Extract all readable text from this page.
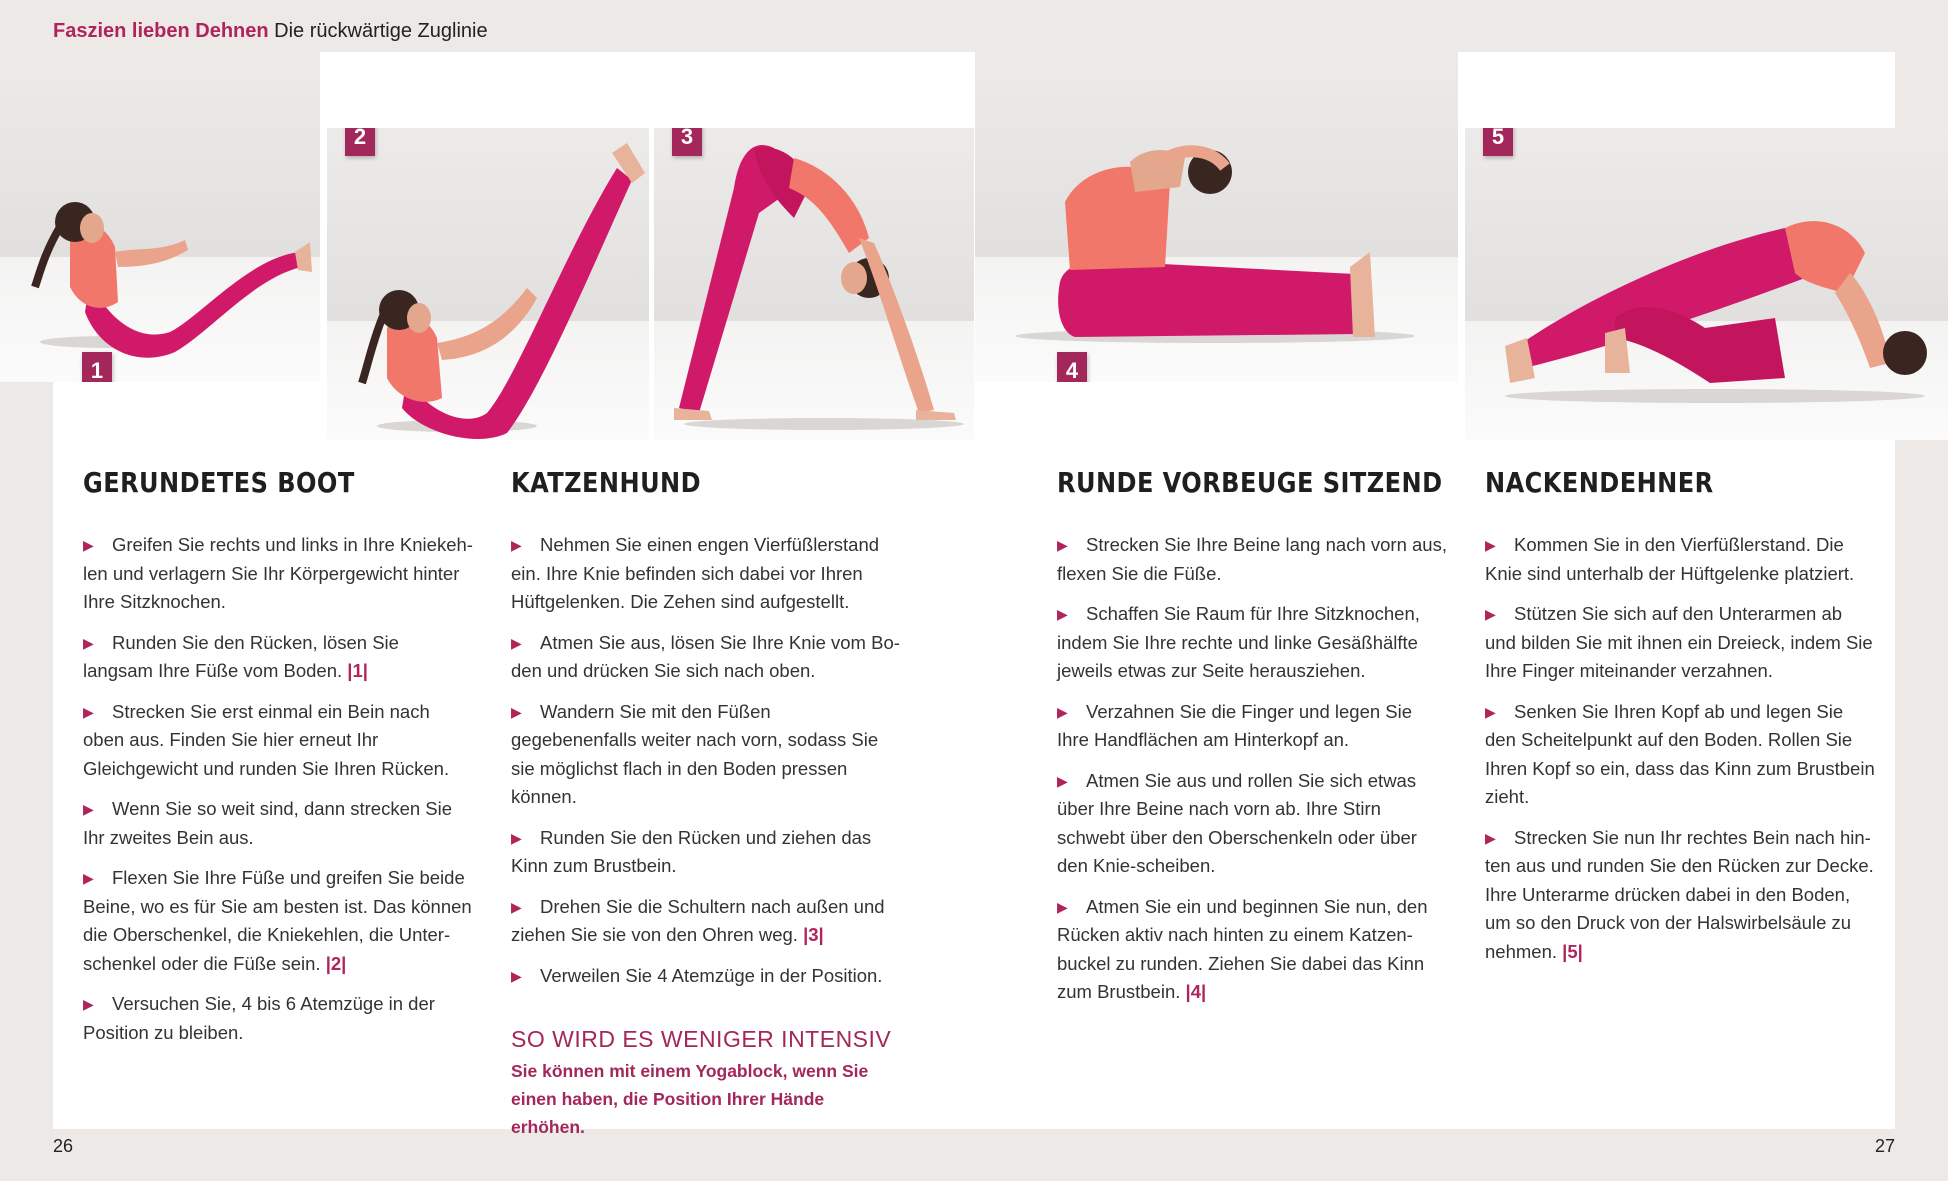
Faszien lieben Dehnen Die rückwärtige Zuglinie
1
2	3
4
5
GERUNDETES BOOT
▶ Greifen Sie rechts und links in Ihre Kniekeh-len und verlagern Sie Ihr Körpergewicht hinter Ihre Sitzknochen.
▶ Runden Sie den Rücken, lösen Sie langsam Ihre Füße vom Boden. |1|
▶ Strecken Sie erst einmal ein Bein nach oben aus. Finden Sie hier erneut Ihr Gleichgewicht und runden Sie Ihren Rücken.
▶ Wenn Sie so weit sind, dann strecken Sie Ihr zweites Bein aus.
▶ Flexen Sie Ihre Füße und greifen Sie beide Beine, wo es für Sie am besten ist. Das können die Oberschenkel, die Kniekehlen, die Unter-schenkel oder die Füße sein. |2|
▶ Versuchen Sie, 4 bis 6 Atemzüge in der Position zu bleiben.
KATZENHUND
▶ Nehmen Sie einen engen Vierfüßlerstand ein. Ihre Knie befinden sich dabei vor Ihren Hüftgelenken. Die Zehen sind aufgestellt.
▶ Atmen Sie aus, lösen Sie Ihre Knie vom Bo-den und drücken Sie sich nach oben.
▶ Wandern Sie mit den Füßen gegebenenfalls weiter nach vorn, sodass Sie sie möglichst flach in den Boden pressen können.
▶ Runden Sie den Rücken und ziehen das Kinn zum Brustbein.
▶ Drehen Sie die Schultern nach außen und ziehen Sie sie von den Ohren weg. |3|
▶ Verweilen Sie 4 Atemzüge in der Position.
SO WIRD ES WENIGER INTENSIV
Sie können mit einem Yogablock, wenn Sie einen haben, die Position Ihrer Hände erhöhen.
RUNDE VORBEUGE SITZEND
▶ Strecken Sie Ihre Beine lang nach vorn aus, flexen Sie die Füße.
▶ Schaffen Sie Raum für Ihre Sitzknochen, indem Sie Ihre rechte und linke Gesäßhälfte jeweils etwas zur Seite herausziehen.
▶ Verzahnen Sie die Finger und legen Sie Ihre Handflächen am Hinterkopf an.
▶ Atmen Sie aus und rollen Sie sich etwas über Ihre Beine nach vorn ab. Ihre Stirn schwebt über den Oberschenkeln oder über den Knie-scheiben.
▶ Atmen Sie ein und beginnen Sie nun, den Rücken aktiv nach hinten zu einem Katzen-buckel zu runden. Ziehen Sie dabei das Kinn zum Brustbein. |4|
NACKENDEHNER
▶ Kommen Sie in den Vierfüßlerstand. Die Knie sind unterhalb der Hüftgelenke platziert.
▶ Stützen Sie sich auf den Unterarmen ab und bilden Sie mit ihnen ein Dreieck, indem Sie Ihre Finger miteinander verzahnen.
▶ Senken Sie Ihren Kopf ab und legen Sie den Scheitelpunkt auf den Boden. Rollen Sie Ihren Kopf so ein, dass das Kinn zum Brustbein zieht.
▶ Strecken Sie nun Ihr rechtes Bein nach hin-ten aus und runden Sie den Rücken zur Decke. Ihre Unterarme drücken dabei in den Boden, um so den Druck von der Halswirbelsäule zu nehmen. |5|
26	27
